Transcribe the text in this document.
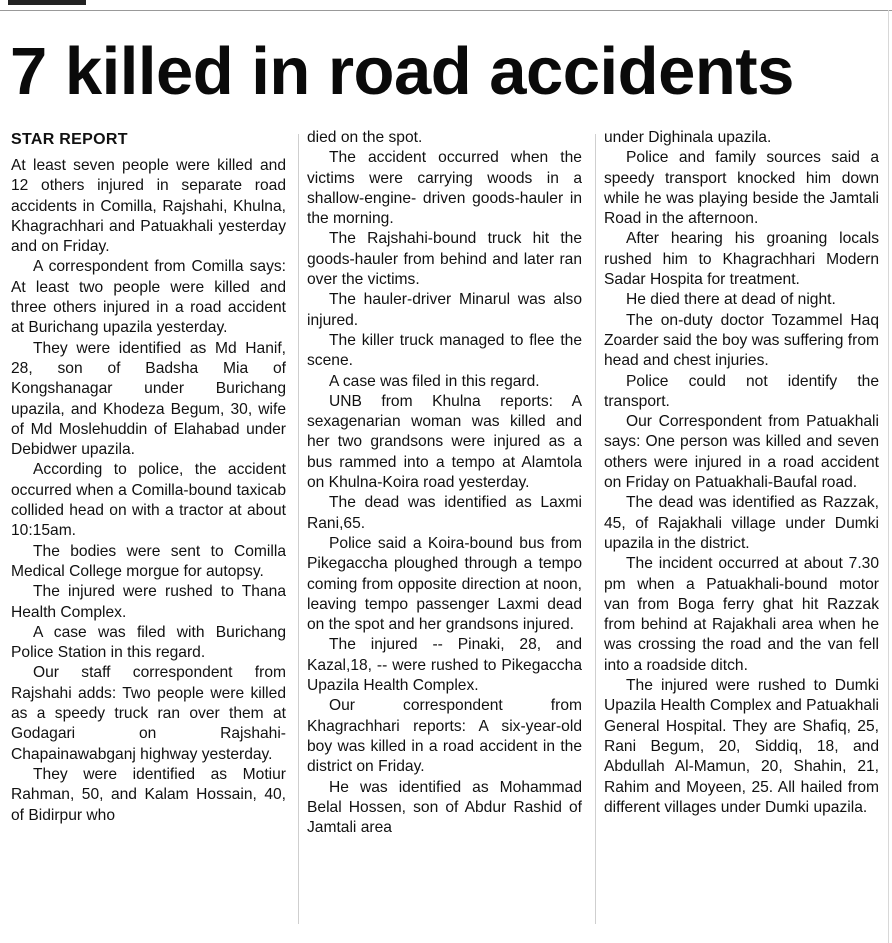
7 killed in road accidents
STAR REPORT

At least seven people were killed and 12 others injured in separate road accidents in Comilla, Rajshahi, Khulna, Khagrachhari and Patuakhali yesterday and on Friday.

A correspondent from Comilla says: At least two people were killed and three others injured in a road accident at Burichang upazila yesterday.

They were identified as Md Hanif, 28, son of Badsha Mia of Kongshanagar under Burichang upazila, and Khodeza Begum, 30, wife of Md Moslehuddin of Elahabad under Debidwer upazila.

According to police, the accident occurred when a Comilla-bound taxicab collided head on with a tractor at about 10:15am.

The bodies were sent to Comilla Medical College morgue for autopsy.

The injured were rushed to Thana Health Complex.

A case was filed with Burichang Police Station in this regard.

Our staff correspondent from Rajshahi adds: Two people were killed as a speedy truck ran over them at Godagari on Rajshahi-Chapainawabganj highway yesterday.

They were identified as Motiur Rahman, 50, and Kalam Hossain, 40, of Bidirpur who

died on the spot.

The accident occurred when the victims were carrying woods in a shallow-engine- driven goods-hauler in the morning.

The Rajshahi-bound truck hit the goods-hauler from behind and later ran over the victims.

The hauler-driver Minarul was also injured.

The killer truck managed to flee the scene.

A case was filed in this regard.

UNB from Khulna reports: A sexagenarian woman was killed and her two grandsons were injured as a bus rammed into a tempo at Alamtola on Khulna-Koira road yesterday.

The dead was identified as Laxmi Rani,65.

Police said a Koira-bound bus from Pikegaccha ploughed through a tempo coming from opposite direction at noon, leaving tempo passenger Laxmi dead on the spot and her grandsons injured.

The injured -- Pinaki, 28, and Kazal,18, -- were rushed to Pikegaccha Upazila Health Complex.

Our correspondent from Khagrachhari reports: A six-year-old boy was killed in a road accident in the district on Friday.

He was identified as Mohammad Belal Hossen, son of Abdur Rashid of Jamtali area

under Dighinala upazila.

Police and family sources said a speedy transport knocked him down while he was playing beside the Jamtali Road in the afternoon.

After hearing his groaning locals rushed him to Khagrachhari Modern Sadar Hospita for treatment.

He died there at dead of night.

The on-duty doctor Tozammel Haq Zoarder said the boy was suffering from head and chest injuries.

Police could not identify the transport.

Our Correspondent from Patuakhali says: One person was killed and seven others were injured in a road accident on Friday on Patuakhali-Baufal road.

The dead was identified as Razzak, 45, of Rajakhali village under Dumki upazila in the district.

The incident occurred at about 7.30 pm when a Patuakhali-bound motor van from Boga ferry ghat hit Razzak from behind at Rajakhali area when he was crossing the road and the van fell into a roadside ditch.

The injured were rushed to Dumki Upazila Health Complex and Patuakhali General Hospital. They are Shafiq, 25, Rani Begum, 20, Siddiq, 18, and Abdullah Al-Mamun, 20, Shahin, 21, Rahim and Moyeen, 25. All hailed from different villages under Dumki upazila.
